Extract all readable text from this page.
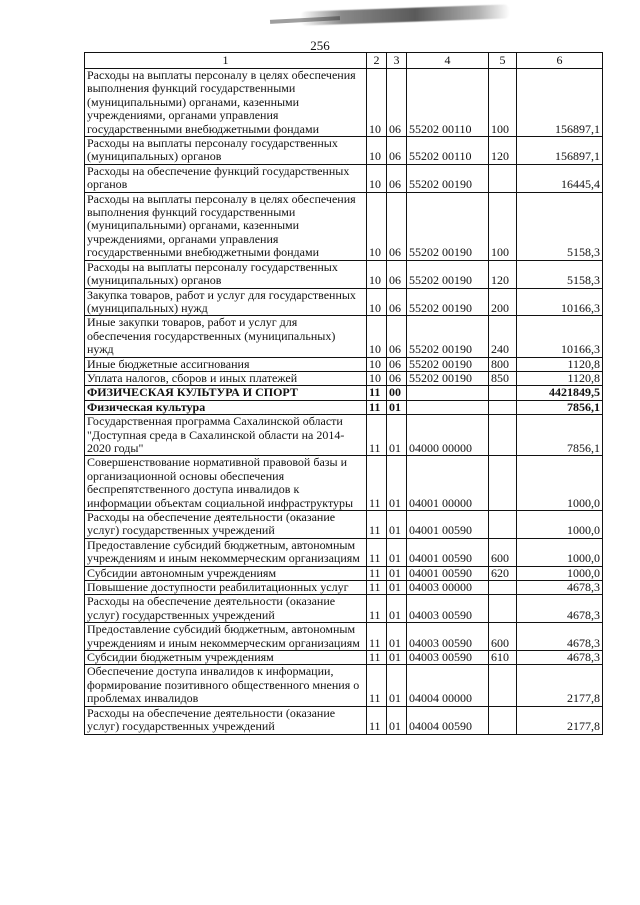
256
1	2	3	4	5	6
Расходы на выплаты персоналу в целях обеспечения выполнения функций государственными (муниципальными) органами, казенными учреждениями, органами управления государственными внебюджетными фондами	10	06	55202 00110	100	156897,1
Расходы на выплаты персоналу государственных (муниципальных) органов	10	06	55202 00110	120	156897,1
Расходы на обеспечение функций государственных органов	10	06	55202 00190		16445,4
Расходы на выплаты персоналу в целях обеспечения выполнения функций государственными (муниципальными) органами, казенными учреждениями, органами управления государственными внебюджетными фондами	10	06	55202 00190	100	5158,3
Расходы на выплаты персоналу государственных (муниципальных) органов	10	06	55202 00190	120	5158,3
Закупка товаров, работ и услуг для государственных (муниципальных) нужд	10	06	55202 00190	200	10166,3
Иные закупки товаров, работ и услуг для обеспечения государственных (муниципальных) нужд	10	06	55202 00190	240	10166,3
Иные бюджетные ассигнования	10	06	55202 00190	800	1120,8
Уплата налогов, сборов и иных платежей	10	06	55202 00190	850	1120,8
ФИЗИЧЕСКАЯ КУЛЬТУРА И СПОРТ	11	00			4421849,5
Физическая культура	11	01			7856,1
Государственная программа Сахалинской области "Доступная среда в Сахалинской области на 2014-2020 годы"	11	01	04000 00000		7856,1
Совершенствование нормативной правовой базы и организационной основы обеспечения беспрепятственного доступа инвалидов к информации объектам социальной инфраструктуры	11	01	04001 00000		1000,0
Расходы на обеспечение деятельности (оказание услуг) государственных учреждений	11	01	04001 00590		1000,0
Предоставление субсидий бюджетным, автономным учреждениям и иным некоммерческим организациям	11	01	04001 00590	600	1000,0
Субсидии автономным учреждениям	11	01	04001 00590	620	1000,0
Повышение доступности реабилитационных услуг	11	01	04003 00000		4678,3
Расходы на обеспечение деятельности (оказание услуг) государственных учреждений	11	01	04003 00590		4678,3
Предоставление субсидий бюджетным, автономным учреждениям и иным некоммерческим организациям	11	01	04003 00590	600	4678,3
Субсидии бюджетным учреждениям	11	01	04003 00590	610	4678,3
Обеспечение доступа инвалидов к информации, формирование позитивного общественного мнения о проблемах инвалидов	11	01	04004 00000		2177,8
Расходы на обеспечение деятельности (оказание услуг) государственных учреждений	11	01	04004 00590		2177,8
